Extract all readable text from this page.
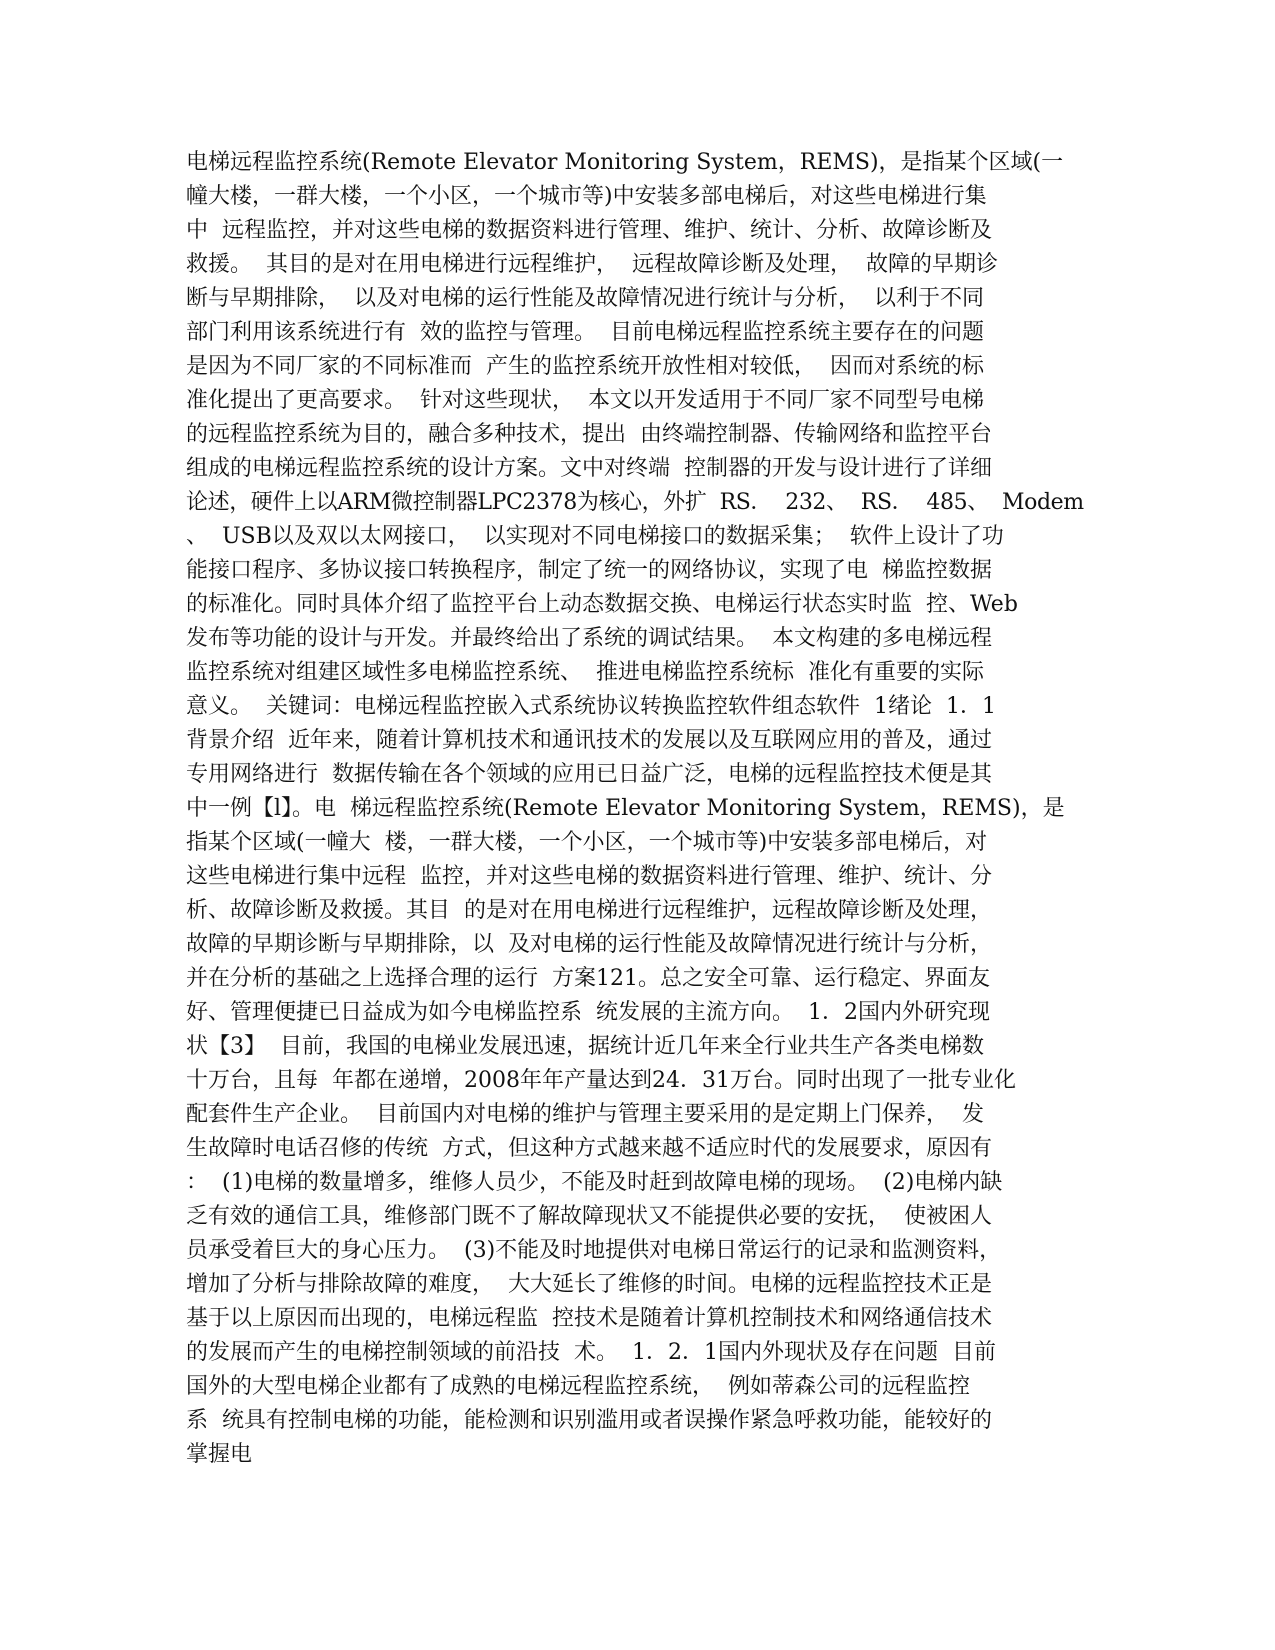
电梯远程监控系统(Remote Elevator Monitoring System，REMS)，是指某个区域(一
幢大楼，一群大楼，一个小区，一个城市等)中安装多部电梯后，对这些电梯进行集
中  远程监控，并对这些电梯的数据资料进行管理、维护、统计、分析、故障诊断及
救援。  其目的是对在用电梯进行远程维护，  远程故障诊断及处理，  故障的早期诊
断与早期排除，  以及对电梯的运行性能及故障情况进行统计与分析，  以利于不同
部门利用该系统进行有  效的监控与管理。  目前电梯远程监控系统主要存在的问题
是因为不同厂家的不同标准而  产生的监控系统开放性相对较低，  因而对系统的标
准化提出了更高要求。  针对这些现状，  本文以开发适用于不同厂家不同型号电梯
的远程监控系统为目的，融合多种技术，提出  由终端控制器、传输网络和监控平台
组成的电梯远程监控系统的设计方案。文中对终端  控制器的开发与设计进行了详细
论述，硬件上以ARM微控制器LPC2378为核心，外扩  RS．  232、  RS．  485、  Modem
、  USB以及双以太网接口，  以实现对不同电梯接口的数据采集；  软件上设计了功
能接口程序、多协议接口转换程序，制定了统一的网络协议，实现了电  梯监控数据
的标准化。同时具体介绍了监控平台上动态数据交换、电梯运行状态实时监  控、Web
发布等功能的设计与开发。并最终给出了系统的调试结果。  本文构建的多电梯远程
监控系统对组建区域性多电梯监控系统、  推进电梯监控系统标  准化有重要的实际
意义。  关键词：电梯远程监控嵌入式系统协议转换监控软件组态软件  1绪论  1．1
背景介绍  近年来，随着计算机技术和通讯技术的发展以及互联网应用的普及，通过
专用网络进行  数据传输在各个领域的应用已日益广泛，电梯的远程监控技术便是其
中一例【l】。电  梯远程监控系统(Remote Elevator Monitoring System，REMS)，是
指某个区域(一幢大  楼，一群大楼，一个小区，一个城市等)中安装多部电梯后，对
这些电梯进行集中远程  监控，并对这些电梯的数据资料进行管理、维护、统计、分
析、故障诊断及救援。其目  的是对在用电梯进行远程维护，远程故障诊断及处理，
故障的早期诊断与早期排除，以  及对电梯的运行性能及故障情况进行统计与分析，
并在分析的基础之上选择合理的运行  方案121。总之安全可靠、运行稳定、界面友
好、管理便捷已日益成为如今电梯监控系  统发展的主流方向。  1．2国内外研究现
状【3】  目前，我国的电梯业发展迅速，据统计近几年来全行业共生产各类电梯数
十万台，且每  年都在递增，2008年年产量达到24．31万台。同时出现了一批专业化
配套件生产企业。  目前国内对电梯的维护与管理主要采用的是定期上门保养，  发
生故障时电话召修的传统  方式，但这种方式越来越不适应时代的发展要求，原因有
：  (1)电梯的数量增多，维修人员少，不能及时赶到故障电梯的现场。  (2)电梯内缺
乏有效的通信工具，维修部门既不了解故障现状又不能提供必要的安抚，  使被困人
员承受着巨大的身心压力。  (3)不能及时地提供对电梯日常运行的记录和监测资料，
增加了分析与排除故障的难度，  大大延长了维修的时间。电梯的远程监控技术正是
基于以上原因而出现的，电梯远程监  控技术是随着计算机控制技术和网络通信技术
的发展而产生的电梯控制领域的前沿技  术。  1．2．1国内外现状及存在问题  目前
国外的大型电梯企业都有了成熟的电梯远程监控系统，  例如蒂森公司的远程监控
系  统具有控制电梯的功能，能检测和识别滥用或者误操作紧急呼救功能，能较好的
掌握电
